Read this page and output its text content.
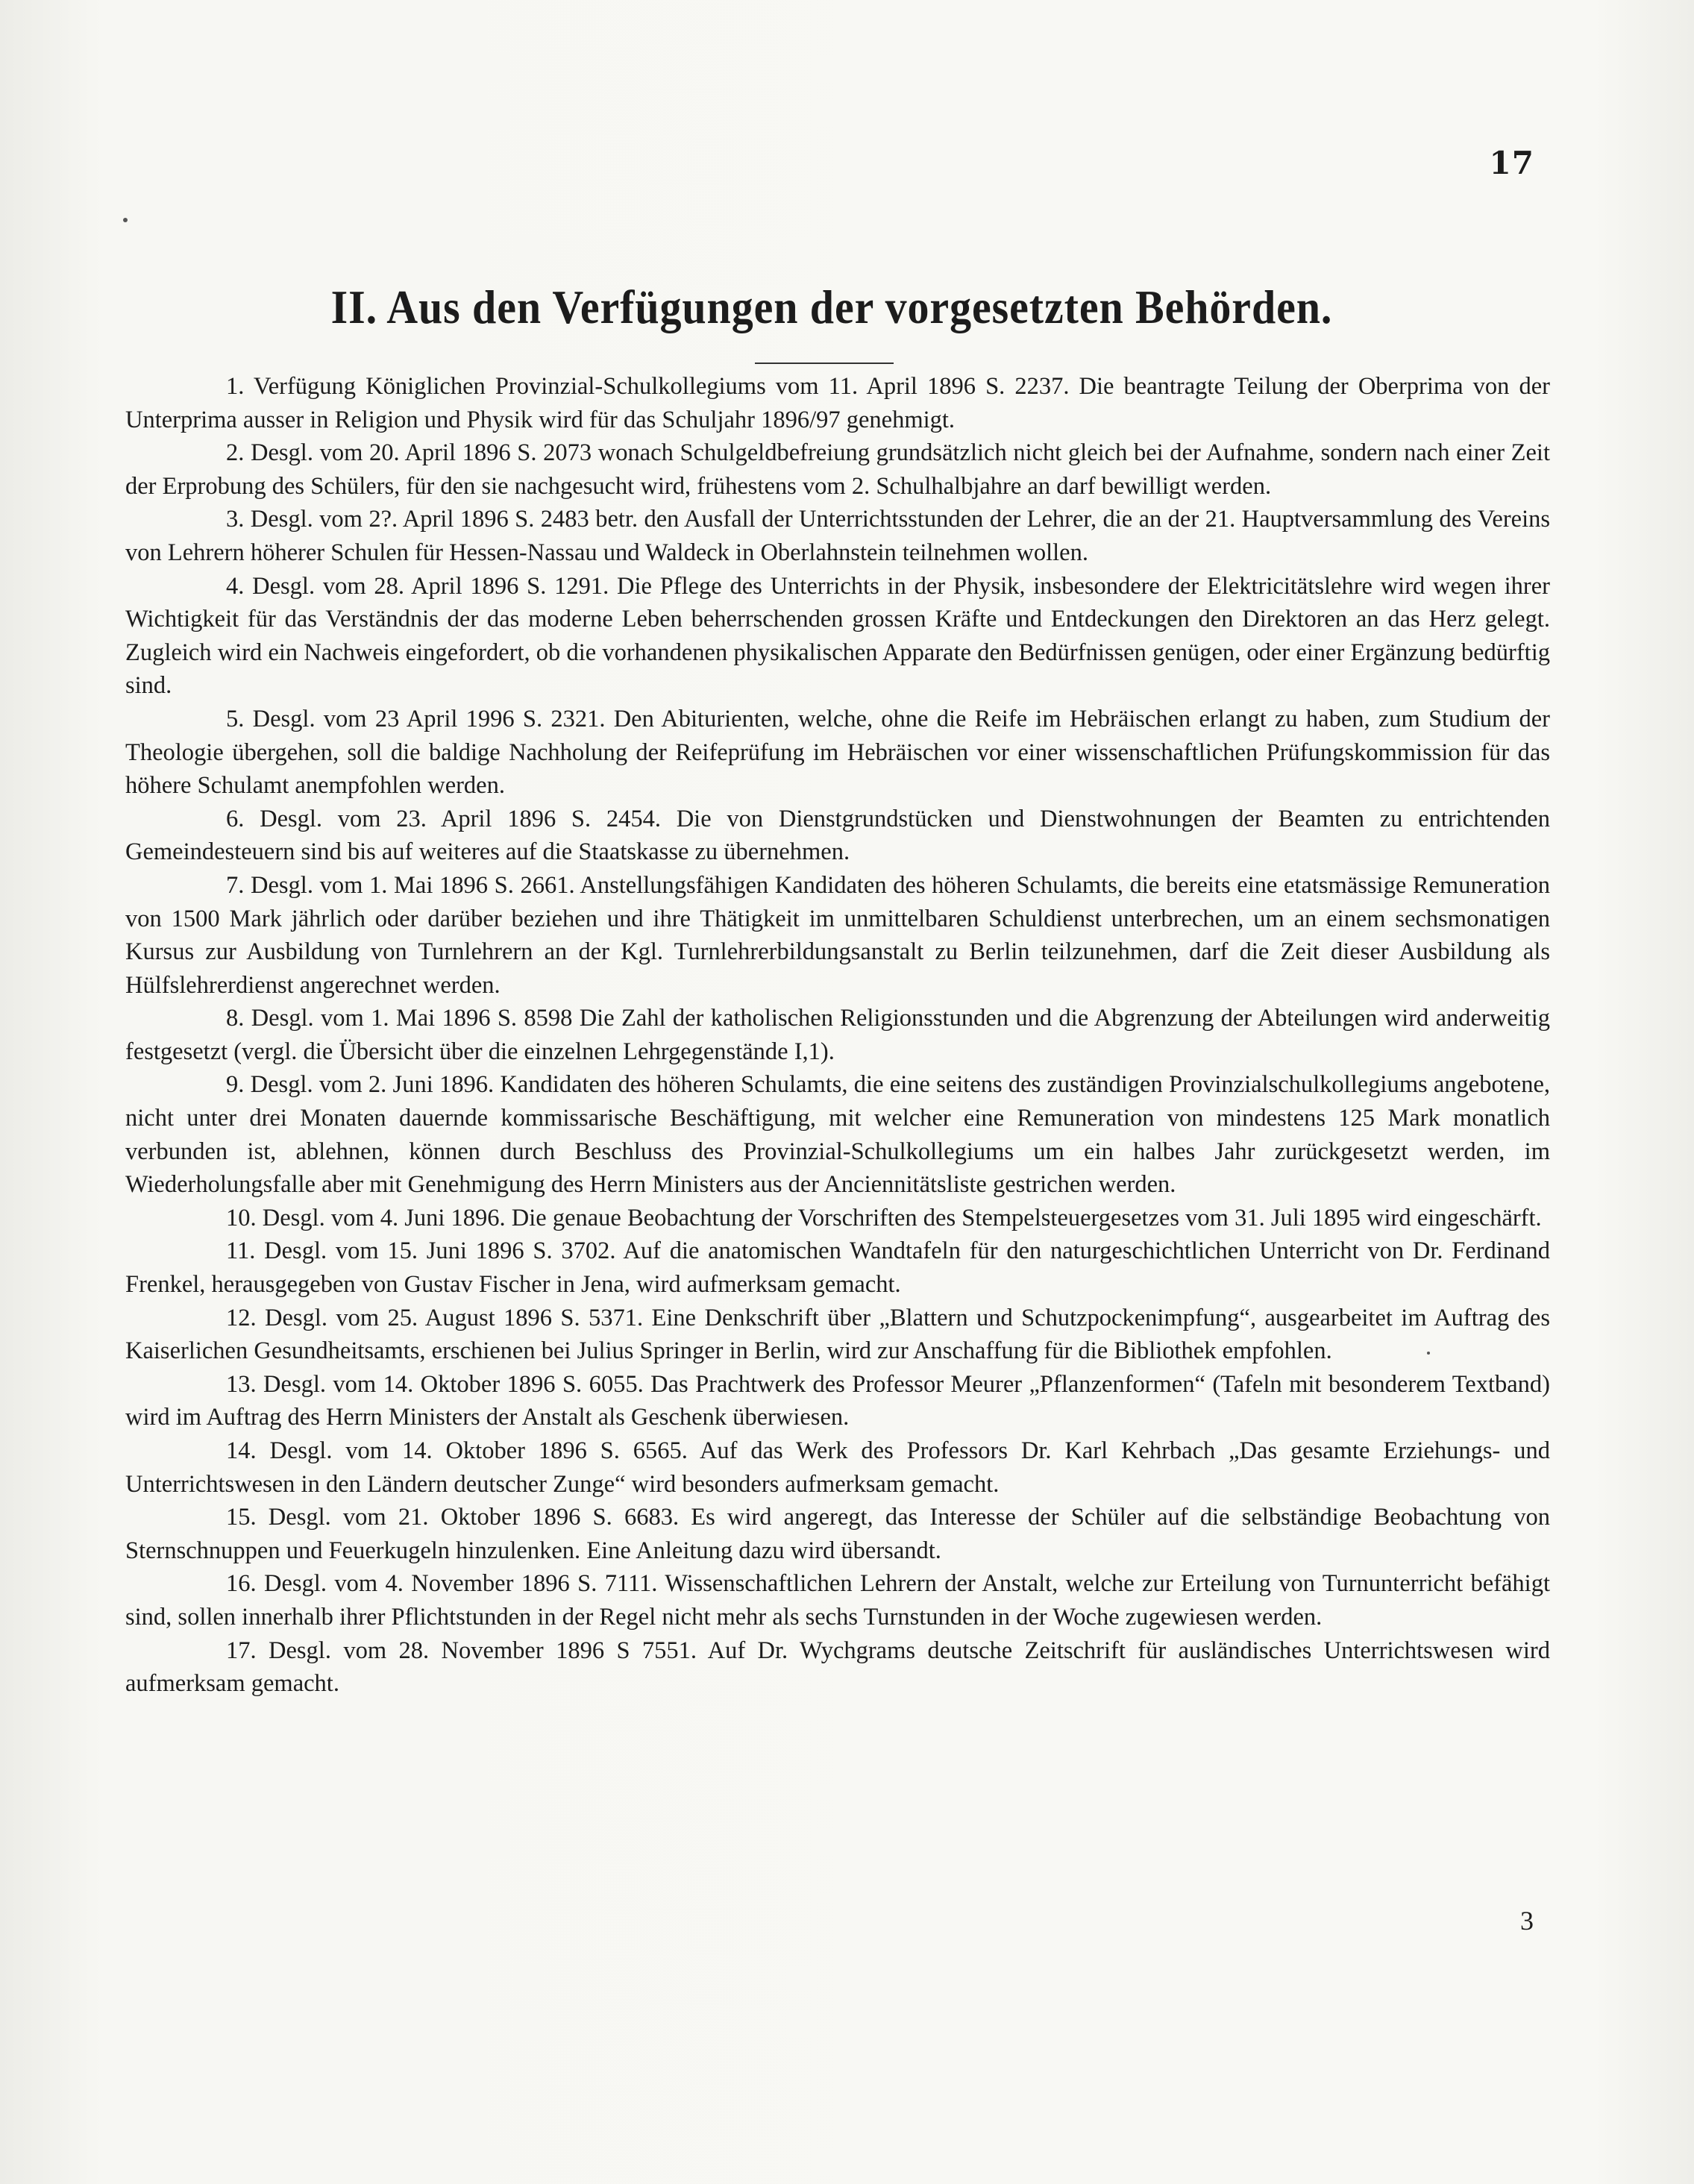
17
II. Aus den Verfügungen der vorgesetzten Behörden.

1. Verfügung Königlichen Provinzial-Schulkollegiums vom 11. April 1896 S. 2237. Die beantragte Teilung der Oberprima von der Unterprima ausser in Religion und Physik wird für das Schuljahr 1896/97 genehmigt.

2. Desgl. vom 20. April 1896 S. 2073 wonach Schulgeldbefreiung grundsätzlich nicht gleich bei der Aufnahme, sondern nach einer Zeit der Erprobung des Schülers, für den sie nachgesucht wird, frühestens vom 2. Schulhalbjahre an darf bewilligt werden.

3. Desgl. vom 2?. April 1896 S. 2483 betr. den Ausfall der Unterrichtsstunden der Lehrer, die an der 21. Hauptversammlung des Vereins von Lehrern höherer Schulen für Hessen-Nassau und Waldeck in Oberlahnstein teilnehmen wollen.

4. Desgl. vom 28. April 1896 S. 1291. Die Pflege des Unterrichts in der Physik, insbesondere der Elektricitätslehre wird wegen ihrer Wichtigkeit für das Verständnis der das moderne Leben beherrschenden grossen Kräfte und Entdeckungen den Direktoren an das Herz gelegt. Zugleich wird ein Nachweis eingefordert, ob die vorhandenen physikalischen Apparate den Bedürfnissen genügen, oder einer Ergänzung bedürftig sind.

5. Desgl. vom 23 April 1996 S. 2321. Den Abiturienten, welche, ohne die Reife im Hebräischen erlangt zu haben, zum Studium der Theologie übergehen, soll die baldige Nachholung der Reifeprüfung im Hebräischen vor einer wissenschaftlichen Prüfungskommission für das höhere Schulamt anempfohlen werden.

6. Desgl. vom 23. April 1896 S. 2454. Die von Dienstgrundstücken und Dienstwohnungen der Beamten zu entrichtenden Gemeindesteuern sind bis auf weiteres auf die Staatskasse zu übernehmen.

7. Desgl. vom 1. Mai 1896 S. 2661. Anstellungsfähigen Kandidaten des höheren Schulamts, die bereits eine etatsmässige Remuneration von 1500 Mark jährlich oder darüber beziehen und ihre Thätigkeit im unmittelbaren Schuldienst unterbrechen, um an einem sechsmonatigen Kursus zur Ausbildung von Turnlehrern an der Kgl. Turnlehrerbildungsanstalt zu Berlin teilzunehmen, darf die Zeit dieser Ausbildung als Hülfslehrerdienst angerechnet werden.

8. Desgl. vom 1. Mai 1896 S. 8598 Die Zahl der katholischen Religionsstunden und die Abgrenzung der Abteilungen wird anderweitig festgesetzt (vergl. die Übersicht über die einzelnen Lehrgegenstände I,1).

9. Desgl. vom 2. Juni 1896. Kandidaten des höheren Schulamts, die eine seitens des zuständigen Provinzialschulkollegiums angebotene, nicht unter drei Monaten dauernde kommissarische Beschäftigung, mit welcher eine Remuneration von mindestens 125 Mark monatlich verbunden ist, ablehnen, können durch Beschluss des Provinzial-Schulkollegiums um ein halbes Jahr zurückgesetzt werden, im Wiederholungsfalle aber mit Genehmigung des Herrn Ministers aus der Anciennitätsliste gestrichen werden.

10. Desgl. vom 4. Juni 1896. Die genaue Beobachtung der Vorschriften des Stempelsteuergesetzes vom 31. Juli 1895 wird eingeschärft.

11. Desgl. vom 15. Juni 1896 S. 3702. Auf die anatomischen Wandtafeln für den naturgeschichtlichen Unterricht von Dr. Ferdinand Frenkel, herausgegeben von Gustav Fischer in Jena, wird aufmerksam gemacht.

12. Desgl. vom 25. August 1896 S. 5371. Eine Denkschrift über „Blattern und Schutzpockenimpfung“, ausgearbeitet im Auftrag des Kaiserlichen Gesundheitsamts, erschienen bei Julius Springer in Berlin, wird zur Anschaffung für die Bibliothek empfohlen.

13. Desgl. vom 14. Oktober 1896 S. 6055. Das Prachtwerk des Professor Meurer „Pflanzenformen“ (Tafeln mit besonderem Textband) wird im Auftrag des Herrn Ministers der Anstalt als Geschenk überwiesen.

14. Desgl. vom 14. Oktober 1896 S. 6565. Auf das Werk des Professors Dr. Karl Kehrbach „Das gesamte Erziehungs- und Unterrichtswesen in den Ländern deutscher Zunge“ wird besonders aufmerksam gemacht.

15. Desgl. vom 21. Oktober 1896 S. 6683. Es wird angeregt, das Interesse der Schüler auf die selbständige Beobachtung von Sternschnuppen und Feuerkugeln hinzulenken. Eine Anleitung dazu wird übersandt.

16. Desgl. vom 4. November 1896 S. 7111. Wissenschaftlichen Lehrern der Anstalt, welche zur Erteilung von Turnunterricht befähigt sind, sollen innerhalb ihrer Pflichtstunden in der Regel nicht mehr als sechs Turnstunden in der Woche zugewiesen werden.

17. Desgl. vom 28. November 1896 S 7551. Auf Dr. Wychgrams deutsche Zeitschrift für ausländisches Unterrichtswesen wird aufmerksam gemacht.

3
